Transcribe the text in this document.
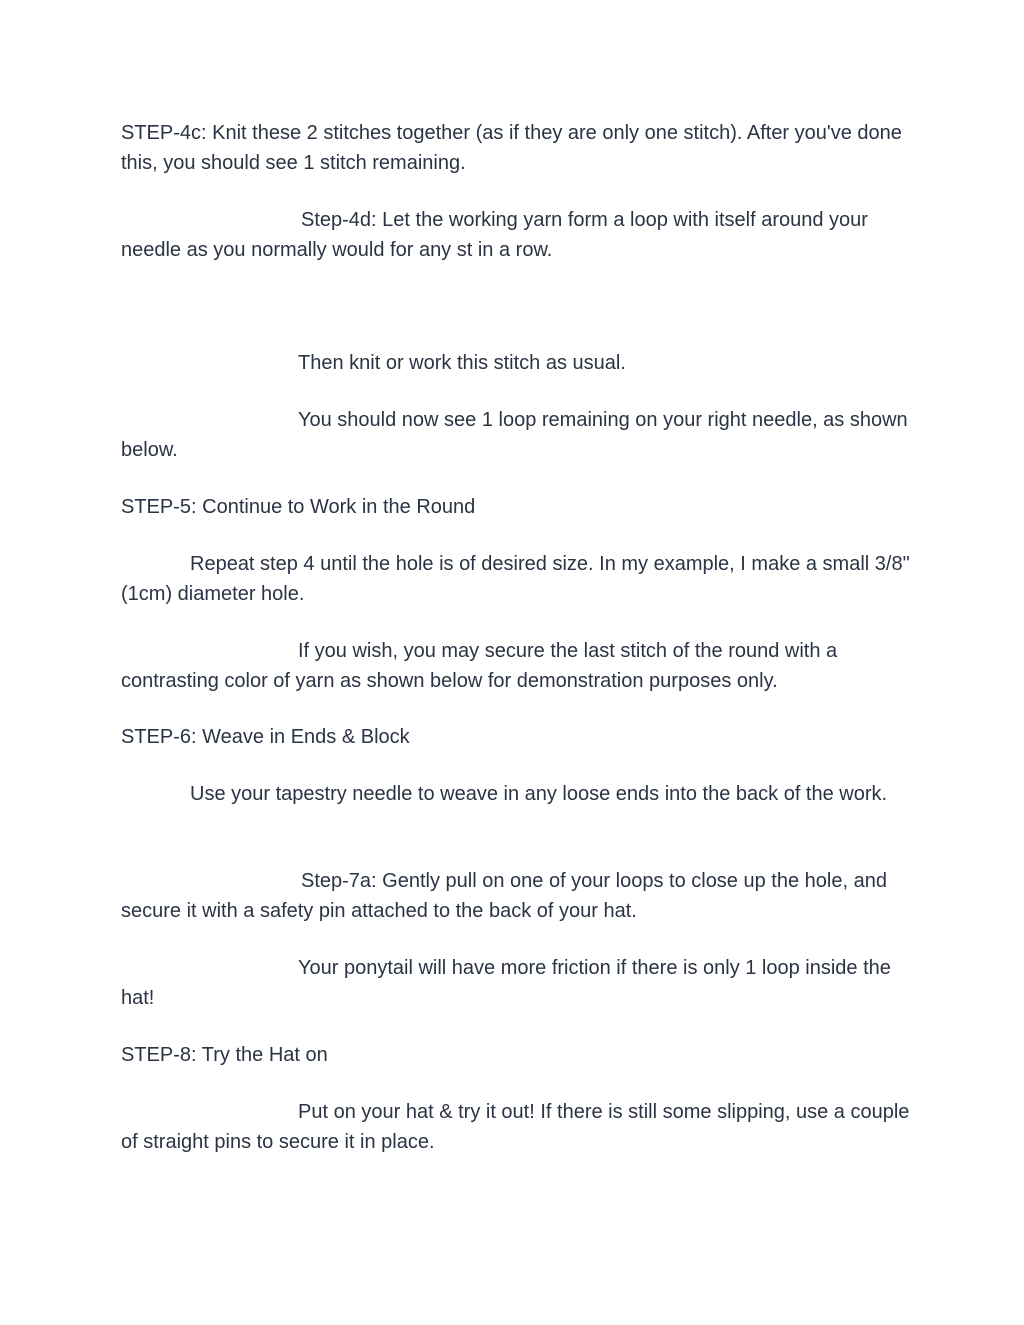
STEP-4c: Knit these 2 stitches together (as if they are only one stitch). After you've done this, you should see 1 stitch remaining.

Step-4d: Let the working yarn form a loop with itself around your needle as you normally would for any st in a row.

Then knit or work this stitch as usual.

You should now see 1 loop remaining on your right needle, as shown below.

STEP-5: Continue to Work in the Round

Repeat step 4 until the hole is of desired size. In my example, I make a small 3/8" (1cm) diameter hole.

If you wish, you may secure the last stitch of the round with a contrasting color of yarn as shown below for demonstration purposes only.

STEP-6: Weave in Ends & Block

Use your tapestry needle to weave in any loose ends into the back of the work.

Step-7a: Gently pull on one of your loops to close up the hole, and secure it with a safety pin attached to the back of your hat.

Your ponytail will have more friction if there is only 1 loop inside the hat!

STEP-8: Try the Hat on

Put on your hat & try it out! If there is still some slipping, use a couple of straight pins to secure it in place.
